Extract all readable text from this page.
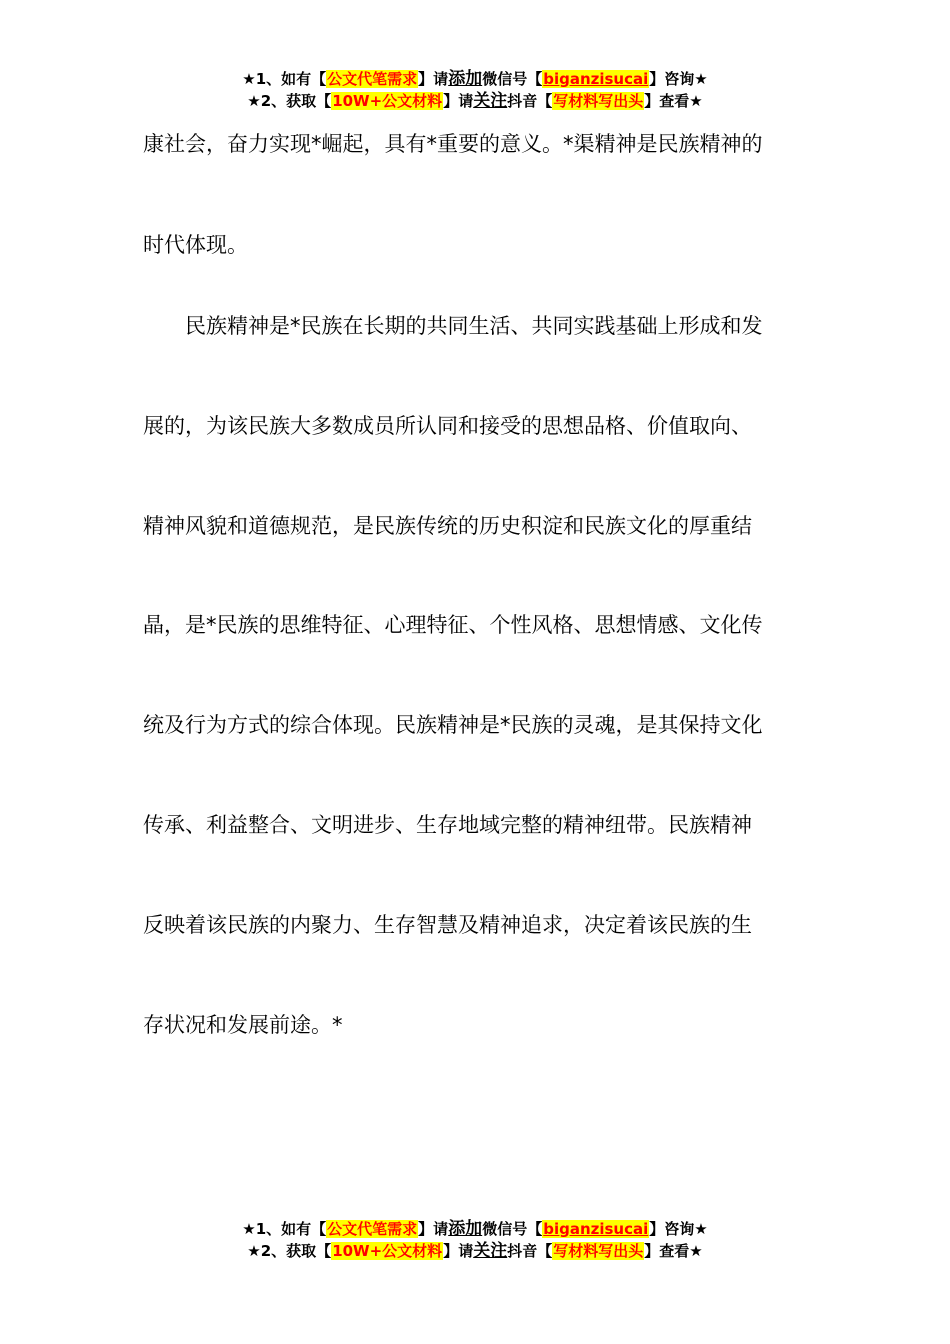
★1、如有【公文代笔需求】请添加微信号【biganzisucai】咨询★
★2、获取【10W+公文材料】请关注抖音【写材料写出头】查看★
康社会，奋力实现*崛起，具有*重要的意义。*渠精神是民族精神的
时代体现。
　　民族精神是*民族在长期的共同生活、共同实践基础上形成和发
展的，为该民族大多数成员所认同和接受的思想品格、价值取向、
精神风貌和道德规范，是民族传统的历史积淀和民族文化的厚重结
晶，是*民族的思维特征、心理特征、个性风格、思想情感、文化传
统及行为方式的综合体现。民族精神是*民族的灵魂，是其保持文化
传承、利益整合、文明进步、生存地域完整的精神纽带。民族精神
反映着该民族的内聚力、生存智慧及精神追求，决定着该民族的生
存状况和发展前途。*
★1、如有【公文代笔需求】请添加微信号【biganzisucai】咨询★
★2、获取【10W+公文材料】请关注抖音【写材料写出头】查看★
